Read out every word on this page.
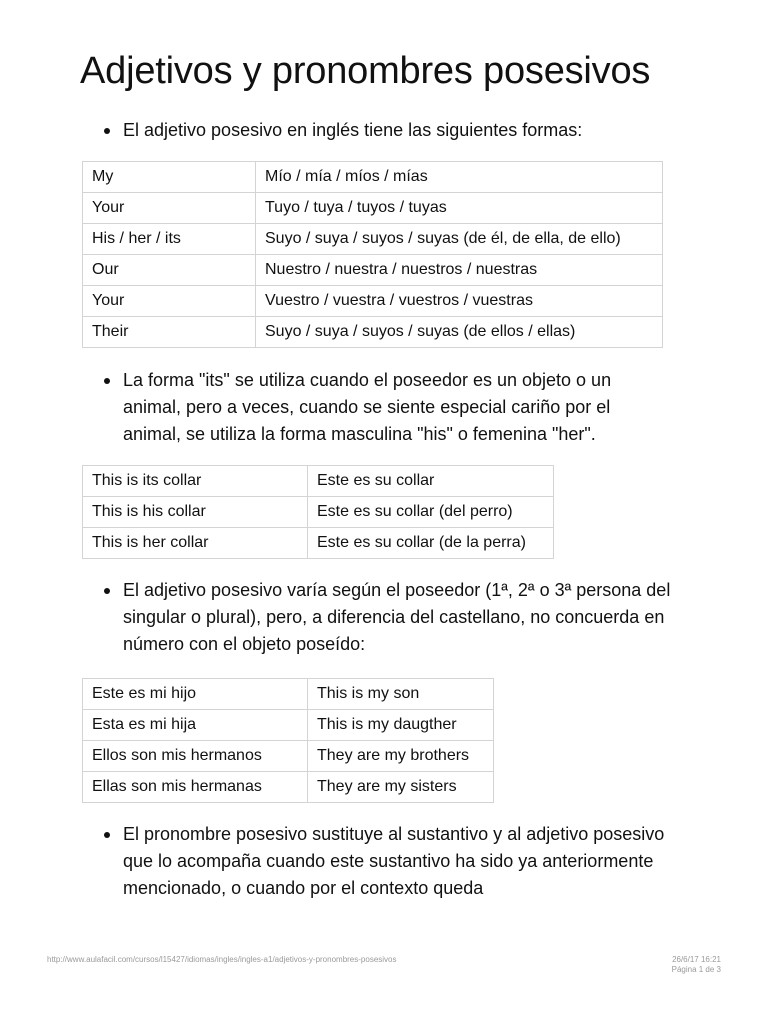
Adjetivos y pronombres posesivos
El adjetivo posesivo en inglés tiene las siguientes formas:
My	Mío / mía / míos / mías
Your	Tuyo / tuya / tuyos / tuyas
His / her / its	Suyo / suya / suyos / suyas (de él, de ella, de ello)
Our	Nuestro / nuestra / nuestros / nuestras
Your	Vuestro / vuestra / vuestros / vuestras
Their	Suyo / suya / suyos / suyas (de ellos / ellas)
La forma "its" se utiliza cuando el poseedor es un objeto o un animal, pero a veces, cuando se siente especial cariño por el animal, se utiliza la forma masculina "his" o femenina "her".
This is its collar	Este es su collar
This is his collar	Este es su collar (del perro)
This is her collar	Este es su collar (de la perra)
El adjetivo posesivo varía según el poseedor (1ª, 2ª o 3ª persona del singular o plural), pero, a diferencia del castellano, no concuerda en número con el objeto poseído:
Este es mi hijo	This is my son
Esta es mi hija	This is my daugther
Ellos son mis hermanos	They are my brothers
Ellas son mis hermanas	They are my sisters
El pronombre posesivo sustituye al sustantivo y al adjetivo posesivo que lo acompaña cuando este sustantivo ha sido ya anteriormente mencionado, o cuando por el contexto queda
http://www.aulafacil.com/cursos/l15427/idiomas/ingles/ingles-a1/adjetivos-y-pronombres-posesivos	26/6/17 16:21
Página 1 de 3
